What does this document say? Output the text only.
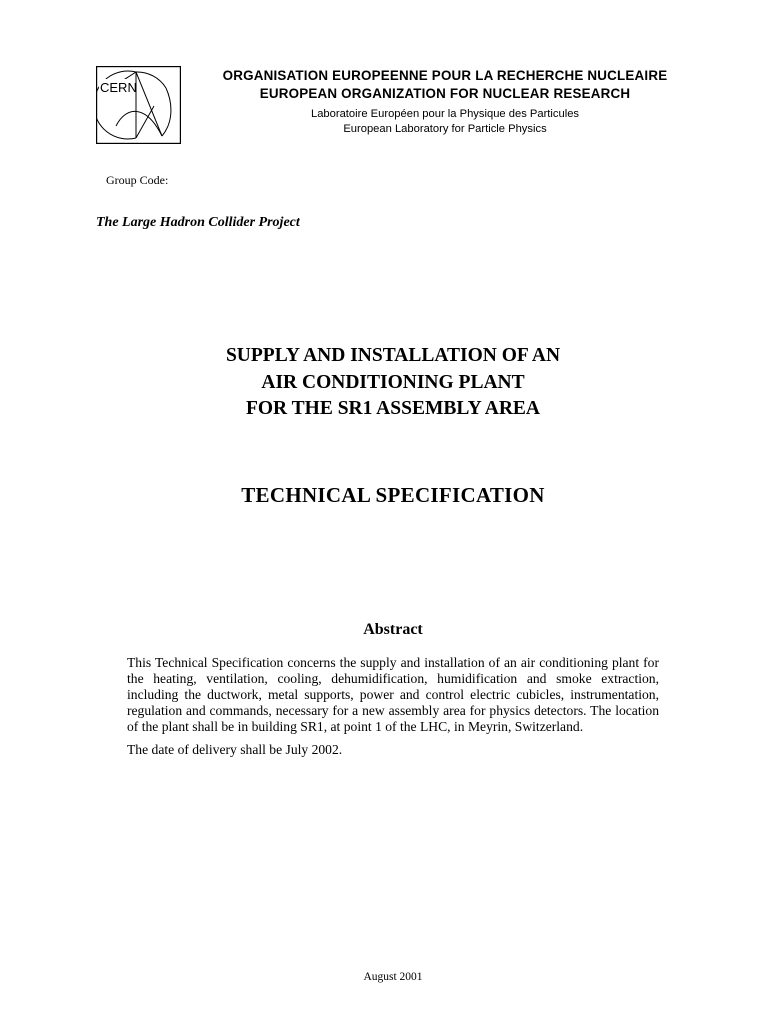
CERN
ORGANISATION EUROPEENNE POUR LA RECHERCHE NUCLEAIRE
EUROPEAN ORGANIZATION FOR NUCLEAR RESEARCH
Laboratoire Européen pour la Physique des Particules
European Laboratory for Particle Physics
Group Code:
The Large Hadron Collider Project
SUPPLY AND INSTALLATION OF AN
AIR CONDITIONING PLANT
FOR THE SR1 ASSEMBLY AREA
TECHNICAL SPECIFICATION
Abstract

This Technical Specification concerns the supply and installation of an air conditioning plant for the heating, ventilation, cooling, dehumidification, humidification and smoke extraction, including the ductwork, metal supports, power and control electric cubicles, instrumentation, regulation and commands, necessary for a new assembly area for physics detectors. The location of the plant shall be in building SR1, at point 1 of the LHC, in Meyrin, Switzerland.

The date of delivery shall be July 2002.

August 2001
